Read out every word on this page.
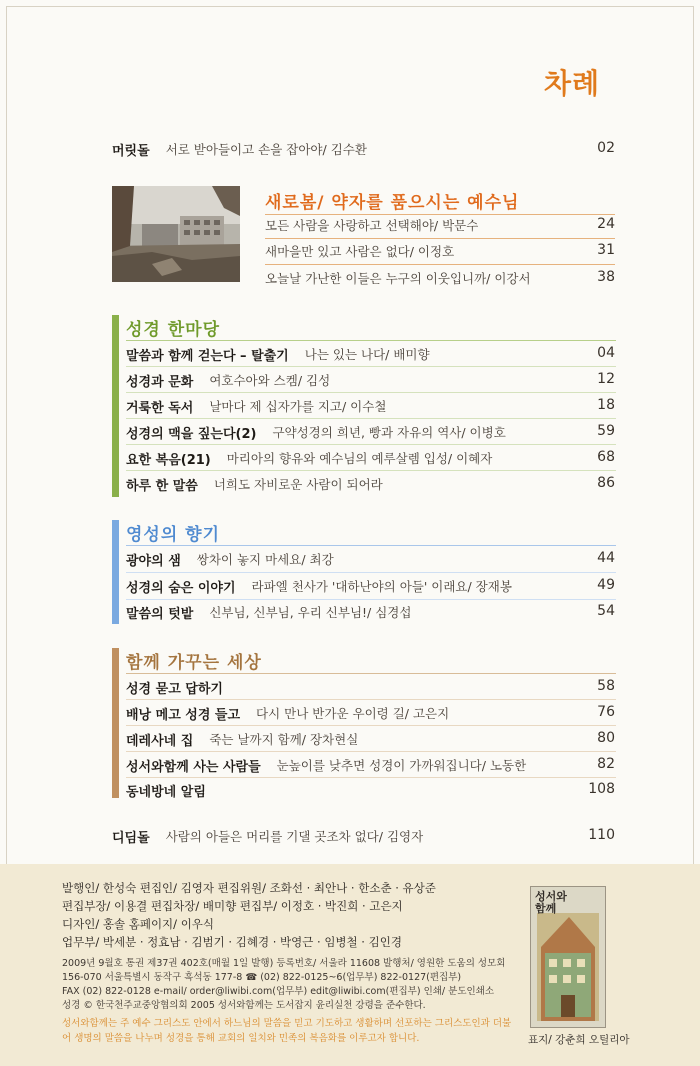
차례
머릿돌 서로 받아들이고 손을 잡아야/ 김수환	02
새로봄/ 약자를 품으시는 예수님
모든 사람을 사랑하고 선택해야/ 박문수	24
새마을만 있고 사람은 없다/ 이정호	31
오늘날 가난한 이들은 누구의 이웃입니까/ 이강서	38
성경 한마당
말씀과 함께 걷는다 – 탈출기 나는 있는 나다/ 배미향	04
성경과 문화 여호수아와 스켐/ 김성	12
거룩한 독서 날마다 제 십자가를 지고/ 이수철	18
성경의 맥을 짚는다(2) 구약성경의 희년, 빵과 자유의 역사/ 이병호	59
요한 복음(21) 마리아의 향유와 예수님의 예루살렘 입성/ 이혜자	68
하루 한 말씀 너희도 자비로운 사람이 되어라	86
영성의 향기
광야의 샘 쌍차이 놓지 마세요/ 최강	44
성경의 숨은 이야기 라파엘 천사가 '대하난야의 아들' 이래요/ 장재봉	49
말씀의 텃밭 신부님, 신부님, 우리 신부님!/ 심경섭	54
함께 가꾸는 세상
성경 묻고 답하기	58
배낭 메고 성경 들고 다시 만나 반가운 우이령 길/ 고은지	76
데레사네 집 죽는 날까지 함께/ 장차현실	80
성서와함께 사는 사람들 눈높이를 낮추면 성경이 가까워집니다/ 노동한	82
동네방네 알림	108
디딤돌 사람의 아들은 머리를 기댈 곳조차 없다/ 김영자	110
발행인/ 한성숙 편집인/ 김영자 편집위원/ 조화선 · 최안나 · 한소춘 · 유상준
편집부장/ 이용결 편집차장/ 배미향 편집부/ 이정호 · 박진희 · 고은지
디자인/ 홍솔 홈페이지/ 이우식
업무부/ 박세분 · 정효남 · 김범기 · 김혜경 · 박영근 · 임병철 · 김인경
2009년 9월호 통권 제37권 402호(매월 1일 발행) 등록번호/ 서울라 11608 발행처/ 영원한 도움의 성모회
156-070 서울특별시 동작구 흑석동 177-8 ☎ (02) 822-0125~6(업무부) 822-0127(편집부)
FAX (02) 822-0128 e-mail/ order@liwibi.com(업무부) edit@liwibi.com(편집부) 인쇄/ 분도인쇄소
성경 © 한국천주교중앙협의회 2005 성서와함께는 도서잡지 윤리실천 강령을 준수한다.
성서와함께는 주 예수 그리스도 안에서 하느님의 말씀을 믿고 기도하고 생활하며 선포하는 그리스도인과 더불어 생명의 말씀을 나누며 성경을 통해 교회의 일치와 민족의 복음화를 이루고자 합니다.
성서와 함께
표지/ 강춘희 오틸리아
